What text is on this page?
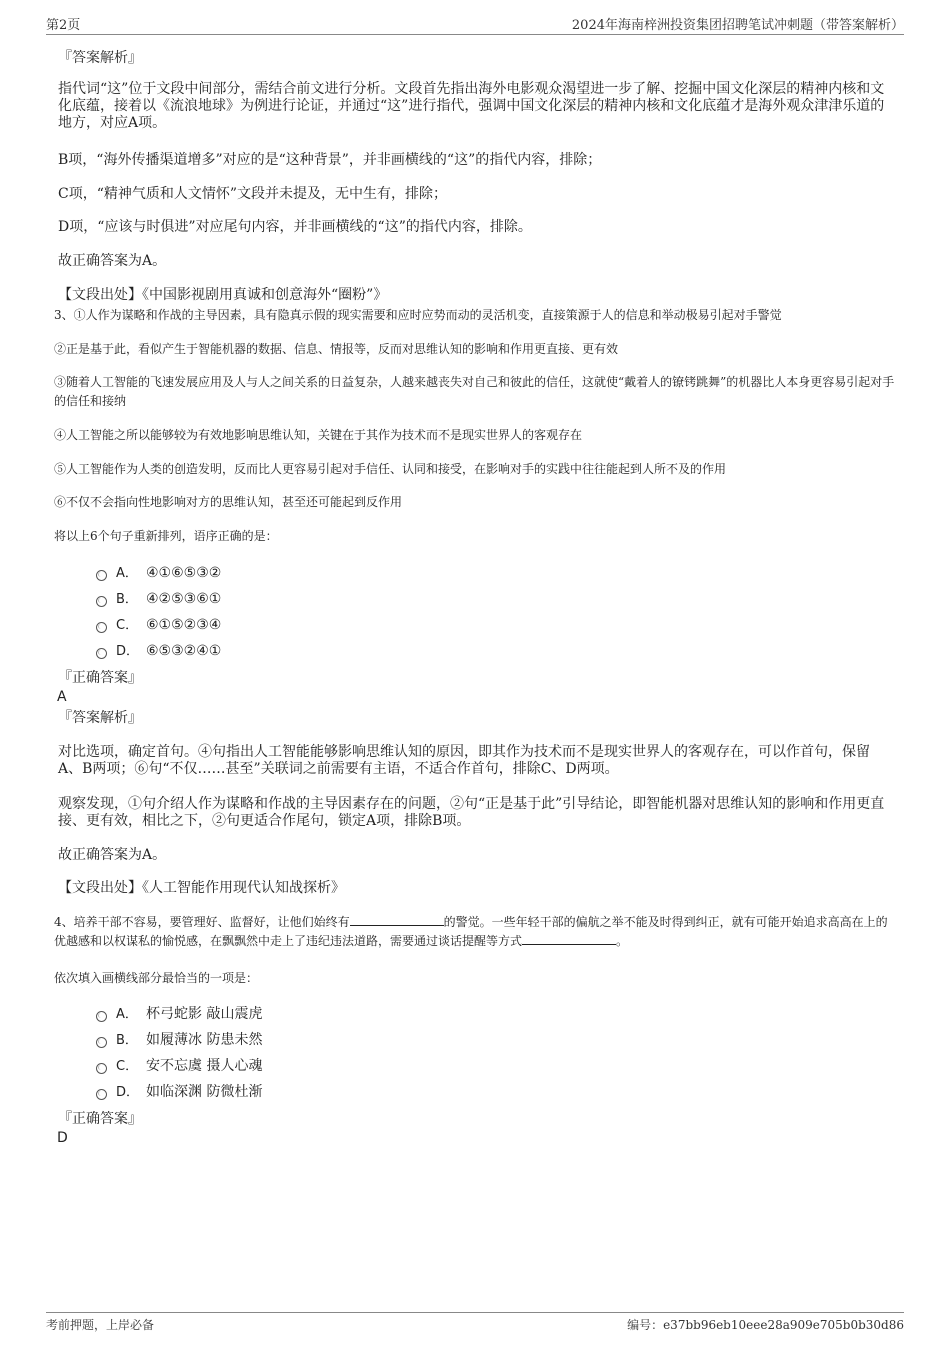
第2页	2024年海南梓洲投资集团招聘笔试冲刺题（带答案解析）
『答案解析』

指代词“这”位于文段中间部分，需结合前文进行分析。文段首先指出海外电影观众渴望进一步了解、挖掘中国文化深层的精神内核和文化底蕴，接着以《流浪地球》为例进行论证，并通过“这”进行指代，强调中国文化深层的精神内核和文化底蕴才是海外观众津津乐道的地方，对应A项。

B项，“海外传播渠道增多”对应的是“这种背景”，并非画横线的“这”的指代内容，排除；

C项，“精神气质和人文情怀”文段并未提及，无中生有，排除；

D项，“应该与时俱进”对应尾句内容，并非画横线的“这”的指代内容，排除。

故正确答案为A。

【文段出处】《中国影视剧用真诚和创意海外“圈粉”》

3、①人作为谋略和作战的主导因素，具有隐真示假的现实需要和应时应势而动的灵活机变，直接策源于人的信息和举动极易引起对手警觉

②正是基于此，看似产生于智能机器的数据、信息、情报等，反而对思维认知的影响和作用更直接、更有效

③随着人工智能的飞速发展应用及人与人之间关系的日益复杂，人越来越丧失对自己和彼此的信任，这就使“戴着人的镣铐跳舞”的机器比人本身更容易引起对手的信任和接纳

④人工智能之所以能够较为有效地影响思维认知，关键在于其作为技术而不是现实世界人的客观存在

⑤人工智能作为人类的创造发明，反而比人更容易引起对手信任、认同和接受，在影响对手的实践中往往能起到人所不及的作用

⑥不仅不会指向性地影响对方的思维认知，甚至还可能起到反作用

将以上6个句子重新排列，语序正确的是：

A． ④①⑥⑤③②
B． ④②⑤③⑥①
C． ⑥①⑤②③④
D． ⑥⑤③②④①
『正确答案』
A
『答案解析』

对比选项，确定首句。④句指出人工智能能够影响思维认知的原因，即其作为技术而不是现实世界人的客观存在，可以作首句，保留A、B两项；⑥句“不仅……甚至”关联词之前需要有主语，不适合作首句，排除C、D两项。

观察发现，①句介绍人作为谋略和作战的主导因素存在的问题，②句“正是基于此”引导结论，即智能机器对思维认知的影响和作用更直接、更有效，相比之下，②句更适合作尾句，锁定A项，排除B项。

故正确答案为A。

【文段出处】《人工智能作用现代认知战探析》

4、培养干部不容易，要管理好、监督好，让他们始终有	的警觉。一些年轻干部的偏航之举不能及时得到纠正，就有可能开始追求高高在上的优越感和以权谋私的愉悦感，在飘飘然中走上了违纪违法道路，需要通过谈话提醒等方式	。

依次填入画横线部分最恰当的一项是：

A． 杯弓蛇影 敲山震虎
B． 如履薄冰 防患未然
C． 安不忘虞 摄人心魂
D． 如临深渊 防微杜渐
『正确答案』
D
考前押题，上岸必备	编号：e37bb96eb10eee28a909e705b0b30d86
